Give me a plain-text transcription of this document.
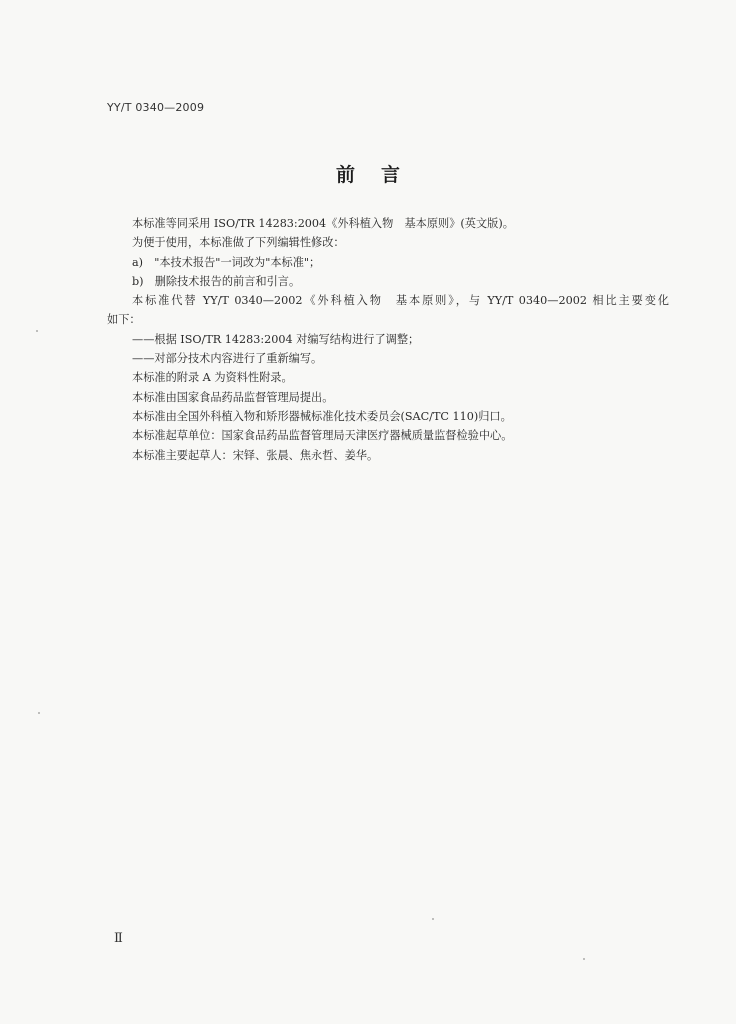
YY/T 0340—2009
前言

本标准等同采用 ISO/TR 14283:2004《外科植入物　基本原则》(英文版)。

为便于使用，本标准做了下列编辑性修改：

a)　"本技术报告"一词改为"本标准"；

b)　删除技术报告的前言和引言。

本标准代替 YY/T 0340—2002《外科植入物　基本原则》，与 YY/T 0340—2002 相比主要变化

如下：

——根据 ISO/TR 14283:2004 对编写结构进行了调整；

——对部分技术内容进行了重新编写。

本标准的附录 A 为资料性附录。

本标准由国家食品药品监督管理局提出。

本标准由全国外科植入物和矫形器械标准化技术委员会(SAC/TC 110)归口。

本标准起草单位：国家食品药品监督管理局天津医疗器械质量监督检验中心。

本标准主要起草人：宋铎、张晨、焦永哲、姜华。

Ⅱ
